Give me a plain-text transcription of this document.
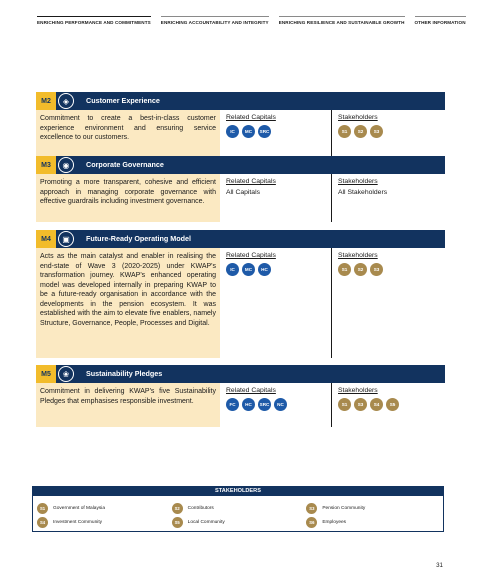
ENRICHING PERFORMANCE AND COMMITMENTS ENRICHING ACCOUNTABILITY AND INTEGRITY ENRICHING RESILIENCE AND SUSTAINABLE GROWTH OTHER INFORMATION
M2	◈	Customer Experience
Commitment to create a best-in-class customer experience environment and ensuring service excellence to our customers.
Related Capitals
IC	MC	SRC
Stakeholders
S1	S2	S3
M3	◉	Corporate Governance
Promoting a more transparent, cohesive and efficient approach in managing corporate governance with effective guardrails including investment governance.
Related Capitals
All Capitals
Stakeholders
All Stakeholders
M4	▣	Future-Ready Operating Model
Acts as the main catalyst and enabler in realising the end-state of Wave 3 (2020-2025) under KWAP's transformation journey. KWAP's enhanced operating model was developed internally in preparing KWAP to be a future-ready organisation in accordance with the developments in the pension ecosystem. It was established with the aim to elevate five enablers, namely Structure, Governance, People, Processes and Digital.
Related Capitals
IC	MC	HC
Stakeholders
S1	S2	S3
M5	❀	Sustainability Pledges
Commitment in delivering KWAP's five Sustainability Pledges that emphasises responsible investment.
Related Capitals
FC	HC	SRC	NC
Stakeholders
S1	S3	S4	S5
STAKEHOLDERS
S1	Government of Malaysia	S2	Contributors	S3	Pension Community
S4	Investment Community	S5	Local Community	S6	Employees
31
